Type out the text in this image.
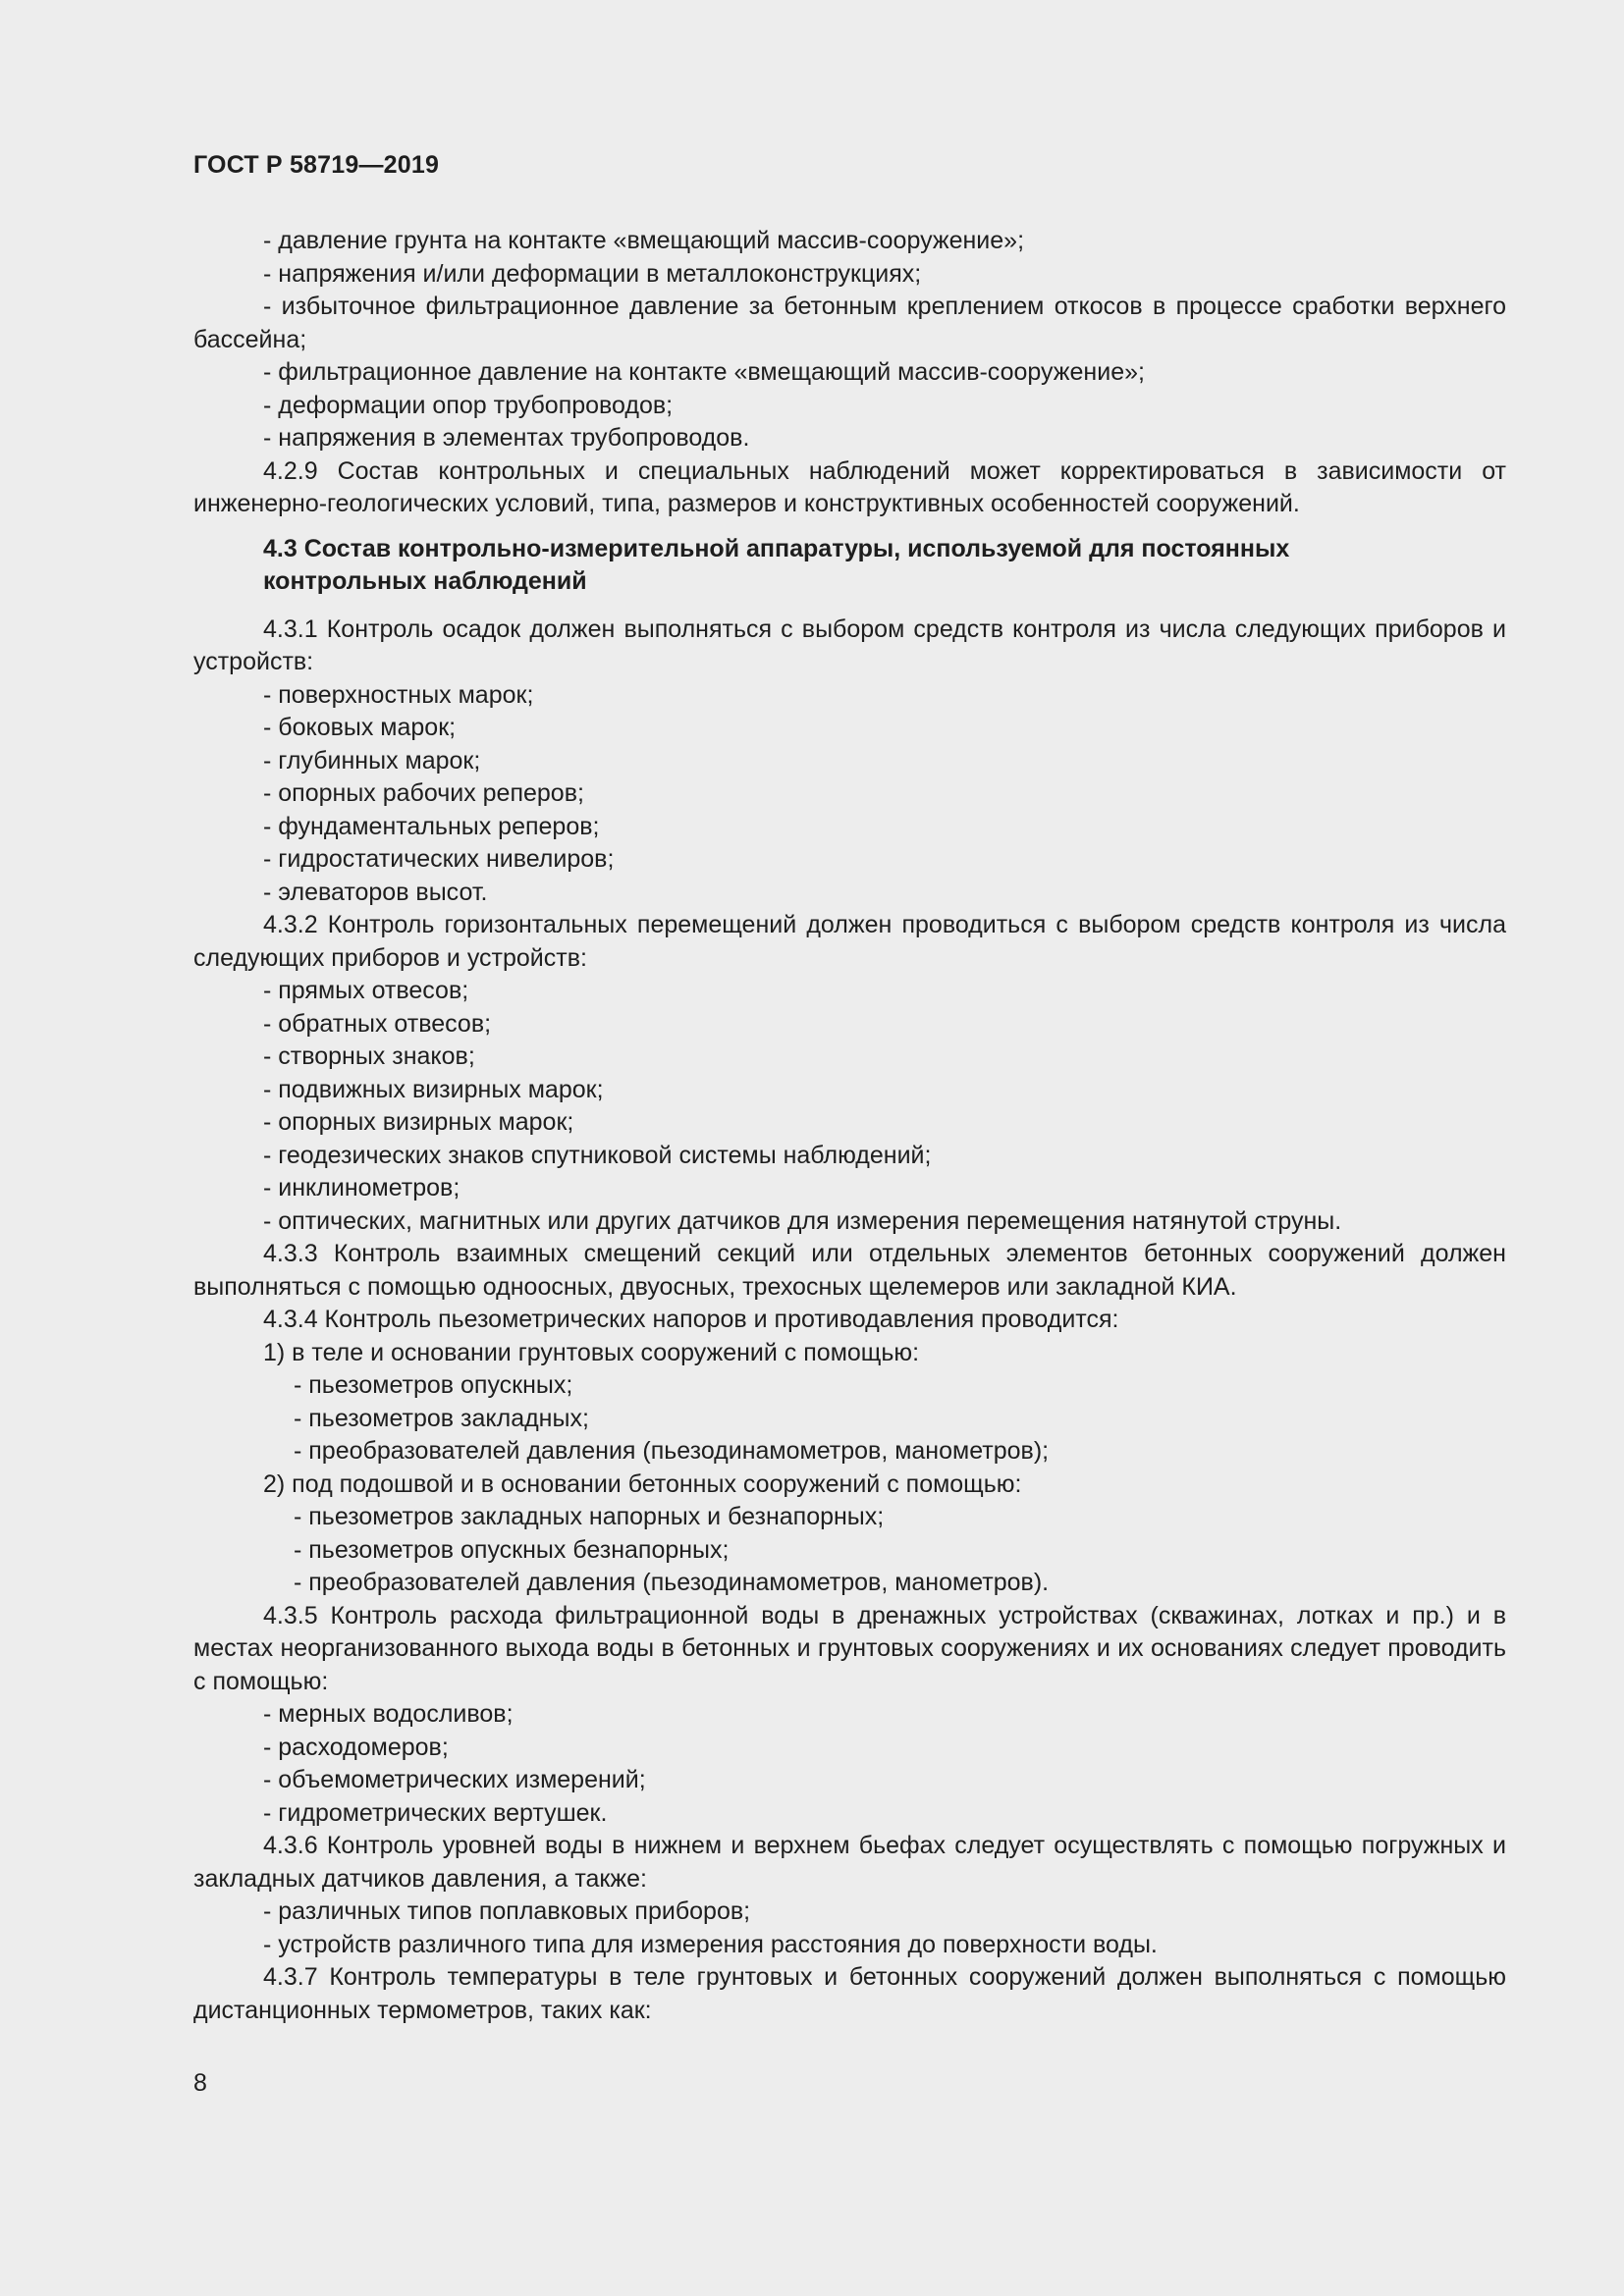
ГОСТ Р 58719—2019

- давление грунта на контакте «вмещающий массив-сооружение»;

- напряжения и/или деформации в металлоконструкциях;

- избыточное фильтрационное давление за бетонным креплением откосов в процессе сработки верхнего бассейна;

- фильтрационное давление на контакте «вмещающий массив-сооружение»;

- деформации опор трубопроводов;

- напряжения в элементах трубопроводов.

4.2.9 Состав контрольных и специальных наблюдений может корректироваться в зависимости от инженерно-геологических условий, типа, размеров и конструктивных особенностей сооружений.

4.3 Состав контрольно-измерительной аппаратуры, используемой для постоянных
контрольных наблюдений

4.3.1 Контроль осадок должен выполняться с выбором средств контроля из числа следующих приборов и устройств:

- поверхностных марок;

- боковых марок;

- глубинных марок;

- опорных рабочих реперов;

- фундаментальных реперов;

- гидростатических нивелиров;

- элеваторов высот.

4.3.2 Контроль горизонтальных перемещений должен проводиться с выбором средств контроля из числа следующих приборов и устройств:

- прямых отвесов;

- обратных отвесов;

- створных знаков;

- подвижных визирных марок;

- опорных визирных марок;

- геодезических знаков спутниковой системы наблюдений;

- инклинометров;

- оптических, магнитных или других датчиков для измерения перемещения натянутой струны.

4.3.3 Контроль взаимных смещений секций или отдельных элементов бетонных сооружений должен выполняться с помощью одноосных, двуосных, трехосных щелемеров или закладной КИА.

4.3.4 Контроль пьезометрических напоров и противодавления проводится:

1) в теле и основании грунтовых сооружений с помощью:

- пьезометров опускных;

- пьезометров закладных;

- преобразователей давления (пьезодинамометров, манометров);

2) под подошвой и в основании бетонных сооружений с помощью:

- пьезометров закладных напорных и безнапорных;

- пьезометров опускных безнапорных;

- преобразователей давления (пьезодинамометров, манометров).

4.3.5 Контроль расхода фильтрационной воды в дренажных устройствах (скважинах, лотках и пр.) и в местах неорганизованного выхода воды в бетонных и грунтовых сооружениях и их основаниях следует проводить с помощью:

- мерных водосливов;

- расходомеров;

- объемометрических измерений;

- гидрометрических вертушек.

4.3.6 Контроль уровней воды в нижнем и верхнем бьефах следует осуществлять с помощью погружных и закладных датчиков давления, а также:

- различных типов поплавковых приборов;

- устройств различного типа для измерения расстояния до поверхности воды.

4.3.7 Контроль температуры в теле грунтовых и бетонных сооружений должен выполняться с помощью дистанционных термометров, таких как:

8
